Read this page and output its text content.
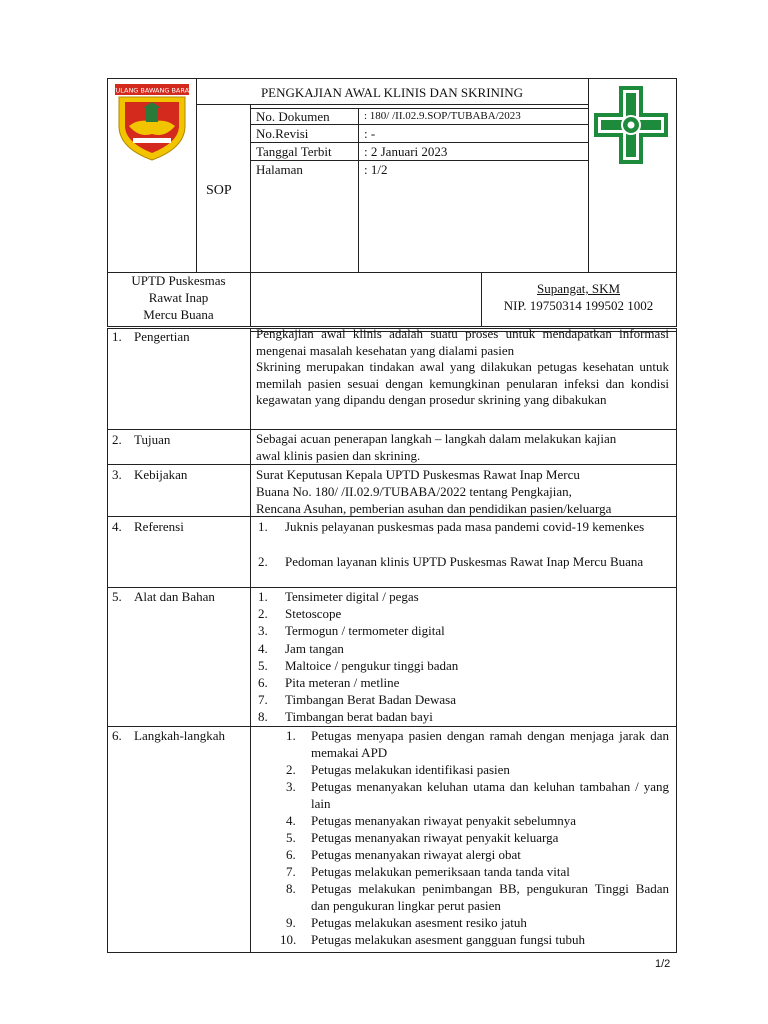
TULANG BAWANG BARAT	PENGKAJIAN AWAL KLINIS DAN SKRINING
SOP
No. Dokumen	: 180/ /II.02.9.SOP/TUBABA/2023
No.Revisi	: -
Tanggal Terbit : 2 Januari 2023
Halaman	: 1/2
UPTD Puskesmas
Rawat Inap
Mercu Buana
Supangat, SKM
NIP. 19750314 199502 1002
1. Pengertian	Pengkajian awal klinis adalah suatu proses untuk mendapatkan informasi mengenai masalah kesehatan yang dialami pasien
Skrining merupakan tindakan awal yang dilakukan petugas kesehatan untuk memilah pasien sesuai dengan kemungkinan penularan infeksi dan kondisi kegawatan yang dipandu dengan prosedur skrining yang dibakukan
2. Tujuan	Sebagai acuan penerapan langkah – langkah dalam melakukan kajian awal klinis pasien dan skrining.
3. Kebijakan	Surat Keputusan Kepala UPTD Puskesmas Rawat Inap Mercu
Buana No. 180/ /II.02.9/TUBABA/2022 tentang Pengkajian,
Rencana Asuhan, pemberian asuhan dan pendidikan pasien/keluarga
4. Referensi	1. Juknis pelayanan puskesmas pada masa pandemi covid-19 kemenkes
2. Pedoman layanan klinis UPTD Puskesmas Rawat Inap Mercu Buana
5. Alat dan Bahan	1. Tensimeter digital / pegas
2. Stetoscope
3. Termogun / termometer digital
4. Jam tangan
5. Maltoice / pengukur tinggi badan
6. Pita meteran / metline
7. Timbangan Berat Badan Dewasa
8. Timbangan berat badan bayi
6. Langkah-langkah	1. Petugas menyapa pasien dengan ramah dengan menjaga jarak dan memakai APD
2. Petugas melakukan identifikasi pasien
3. Petugas menanyakan keluhan utama dan keluhan tambahan / yang lain
4. Petugas menanyakan riwayat penyakit sebelumnya
5. Petugas menanyakan riwayat penyakit keluarga
6. Petugas menanyakan riwayat alergi obat
7. Petugas melakukan pemeriksaan tanda tanda vital
8. Petugas melakukan penimbangan BB, pengukuran Tinggi Badan dan pengukuran lingkar perut pasien
9. Petugas melakukan asesment resiko jatuh
10. Petugas melakukan asesment gangguan fungsi tubuh
1/2
